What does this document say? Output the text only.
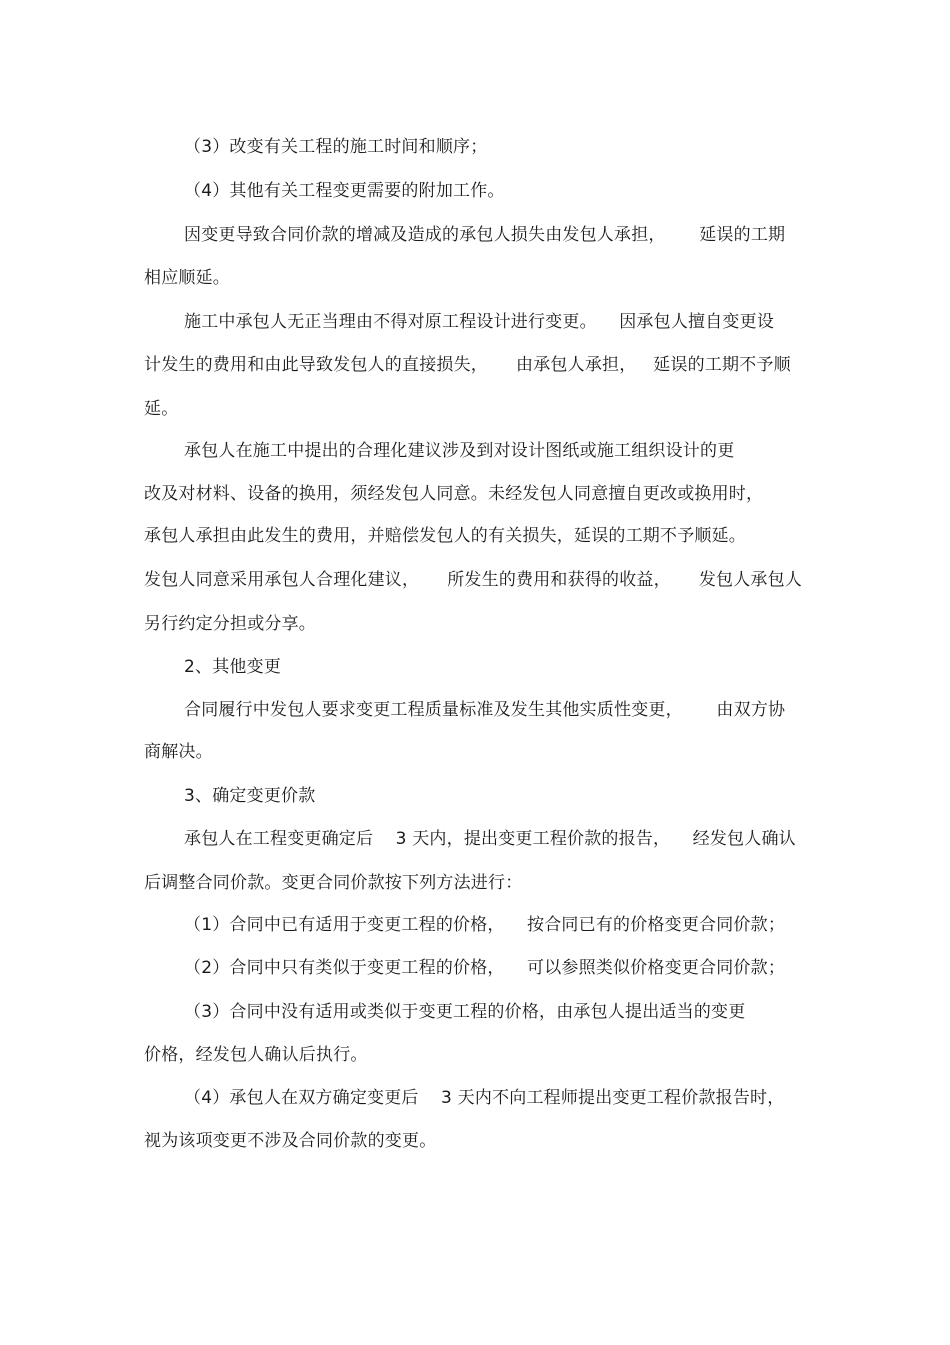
（3）改变有关工程的施工时间和顺序；
（4）其他有关工程变更需要的附加工作。
因变更导致合同价款的增减及造成的承包人损失由发包人承担，      延误的工期
相应顺延。
施工中承包人无正当理由不得对原工程设计进行变更。    因承包人擅自变更设
计发生的费用和由此导致发包人的直接损失，     由承包人承担，   延误的工期不予顺
延。
承包人在施工中提出的合理化建议涉及到对设计图纸或施工组织设计的更
改及对材料、设备的换用，须经发包人同意。未经发包人同意擅自更改或换用时，
承包人承担由此发生的费用，并赔偿发包人的有关损失，延误的工期不予顺延。
发包人同意采用承包人合理化建议，     所发生的费用和获得的收益，     发包人承包人
另行约定分担或分享。
2、其他变更
合同履行中发包人要求变更工程质量标准及发生其他实质性变更，      由双方协
商解决。
3、确定变更价款
承包人在工程变更确定后    3 天内，提出变更工程价款的报告，    经发包人确认
后调整合同价款。变更合同价款按下列方法进行：
（1）合同中已有适用于变更工程的价格，    按合同已有的价格变更合同价款；
（2）合同中只有类似于变更工程的价格，    可以参照类似价格变更合同价款；
（3）合同中没有适用或类似于变更工程的价格，由承包人提出适当的变更
价格，经发包人确认后执行。
（4）承包人在双方确定变更后    3 天内不向工程师提出变更工程价款报告时，
视为该项变更不涉及合同价款的变更。
